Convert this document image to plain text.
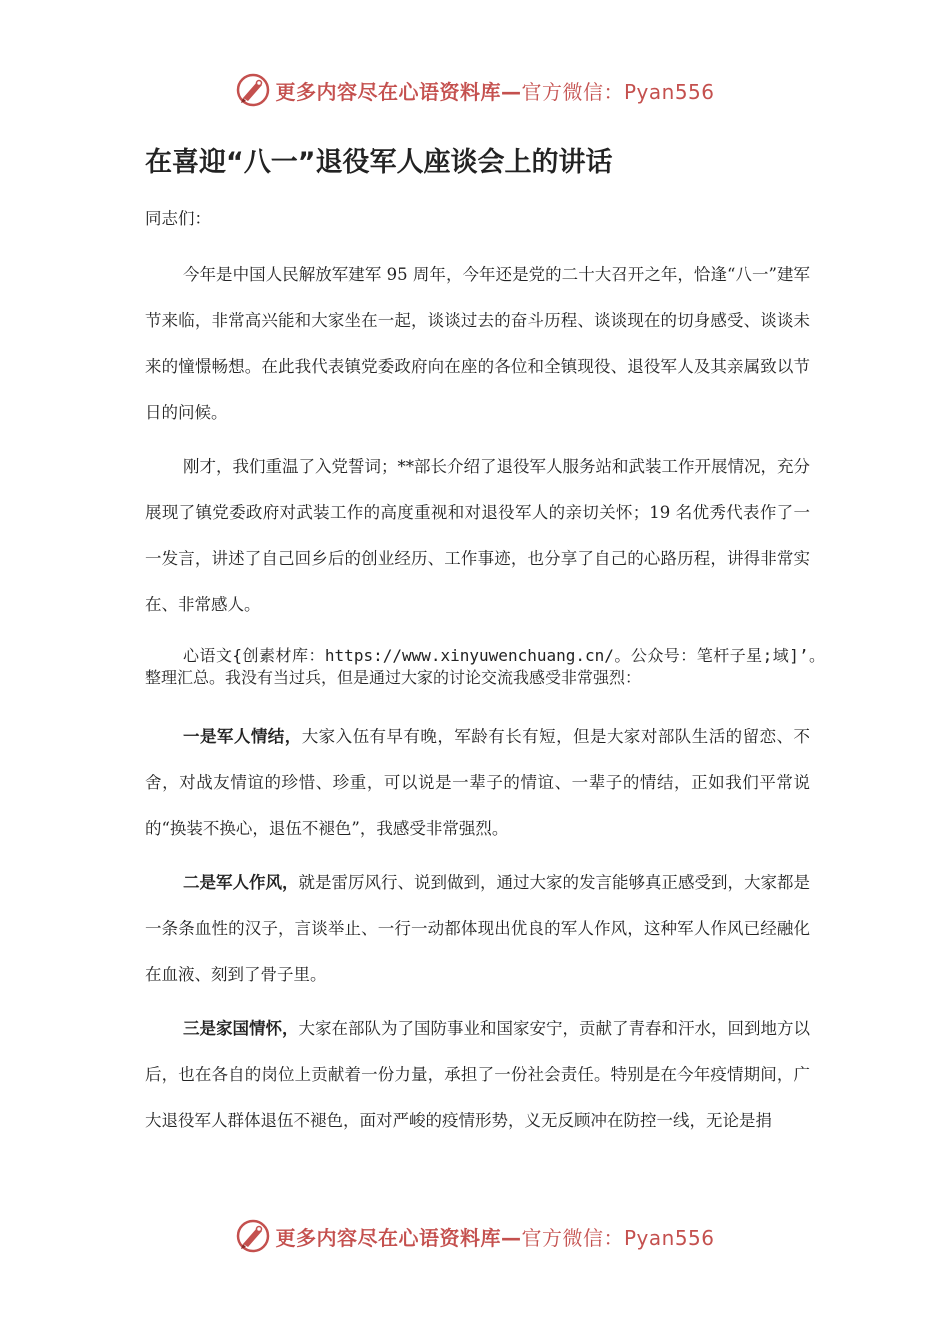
更多内容尽在心语资料库—官方微信：Pyan556
在喜迎“八一”退役军人座谈会上的讲话

同志们：

今年是中国人民解放军建军 95 周年，今年还是党的二十大召开之年，恰逢“八一”建军节来临，非常高兴能和大家坐在一起，谈谈过去的奋斗历程、谈谈现在的切身感受、谈谈未来的憧憬畅想。在此我代表镇党委政府向在座的各位和全镇现役、退役军人及其亲属致以节日的问候。

刚才，我们重温了入党誓词；**部长介绍了退役军人服务站和武装工作开展情况，充分展现了镇党委政府对武装工作的高度重视和对退役军人的亲切关怀；19 名优秀代表作了一一发言，讲述了自己回乡后的创业经历、工作事迹，也分享了自己的心路历程，讲得非常实在、非常感人。

心语文{创素材库：https://www.xinyuwenchuang.cn/。公众号：笔杆子星;域]’。整理汇总。我没有当过兵，但是通过大家的讨论交流我感受非常强烈：

一是军人情结，大家入伍有早有晚，军龄有长有短，但是大家对部队生活的留恋、不舍，对战友情谊的珍惜、珍重，可以说是一辈子的情谊、一辈子的情结，正如我们平常说的“换装不换心，退伍不褪色”，我感受非常强烈。

二是军人作风，就是雷厉风行、说到做到，通过大家的发言能够真正感受到，大家都是一条条血性的汉子，言谈举止、一行一动都体现出优良的军人作风，这种军人作风已经融化在血液、刻到了骨子里。

三是家国情怀，大家在部队为了国防事业和国家安宁，贡献了青春和汗水，回到地方以后，也在各自的岗位上贡献着一份力量，承担了一份社会责任。特别是在今年疫情期间，广大退役军人群体退伍不褪色，面对严峻的疫情形势，义无反顾冲在防控一线，无论是捐

更多内容尽在心语资料库—官方微信：Pyan556
